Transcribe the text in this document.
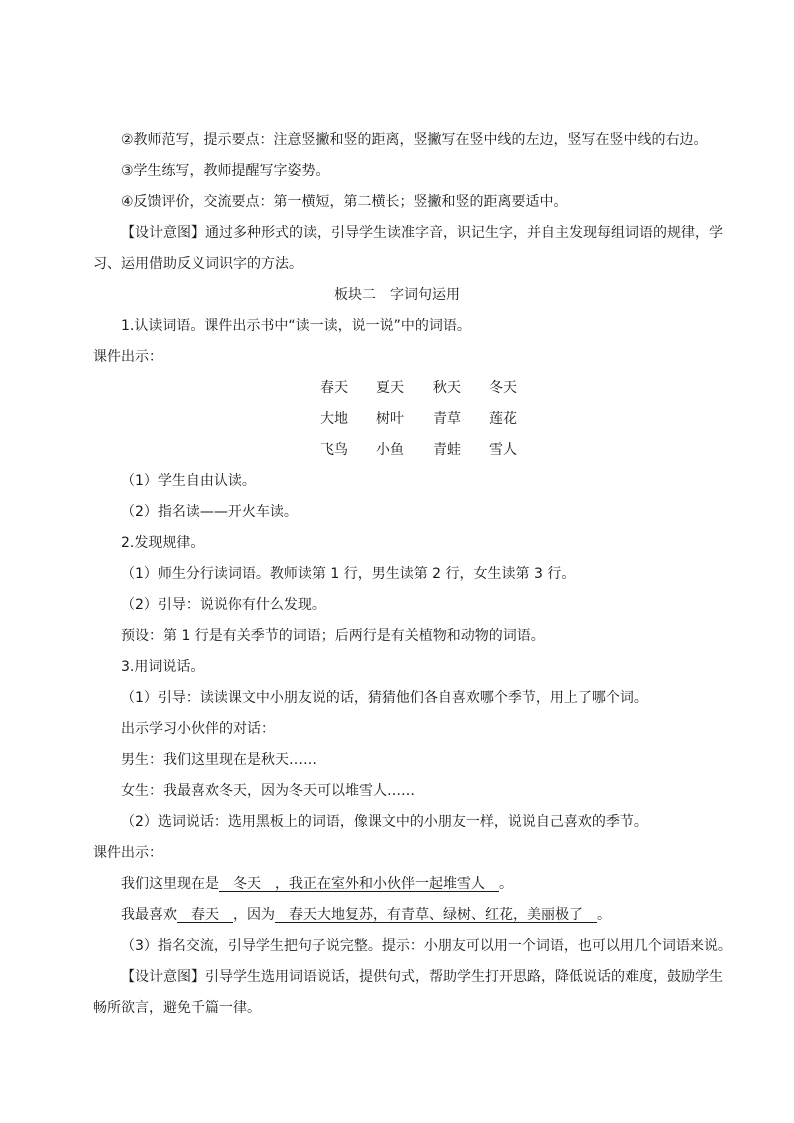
②教师范写，提示要点：注意竖撇和竖的距离，竖撇写在竖中线的左边，竖写在竖中线的右边。
③学生练写，教师提醒写字姿势。
④反馈评价，交流要点：第一横短，第二横长；竖撇和竖的距离要适中。
【设计意图】通过多种形式的读，引导学生读准字音，识记生字，并自主发现每组词语的规律，学
习、运用借助反义词识字的方法。
板块二　字词句运用
1.认读词语。课件出示书中“读一读，说一说”中的词语。
课件出示：
春天 夏天 秋天 冬天
大地 树叶 青草 莲花
飞鸟 小鱼 青蛙 雪人
（1）学生自由认读。
（2）指名读——开火车读。
2.发现规律。
（1）师生分行读词语。教师读第 1 行，男生读第 2 行，女生读第 3 行。
（2）引导：说说你有什么发现。
预设：第 1 行是有关季节的词语；后两行是有关植物和动物的词语。
3.用词说话。
（1）引导：读读课文中小朋友说的话，猜猜他们各自喜欢哪个季节，用上了哪个词。
出示学习小伙伴的对话：
男生：我们这里现在是秋天……
女生：我最喜欢冬天，因为冬天可以堆雪人……
（2）选词说话：选用黑板上的词语，像课文中的小朋友一样，说说自己喜欢的季节。
课件出示：
我们这里现在是　冬天　，我正在室外和小伙伴一起堆雪人　。
我最喜欢　春天　，因为　春天大地复苏，有青草、绿树、红花，美丽极了　。
（3）指名交流，引导学生把句子说完整。提示：小朋友可以用一个词语，也可以用几个词语来说。
【设计意图】引导学生选用词语说话，提供句式，帮助学生打开思路，降低说话的难度，鼓励学生
畅所欲言，避免千篇一律。
